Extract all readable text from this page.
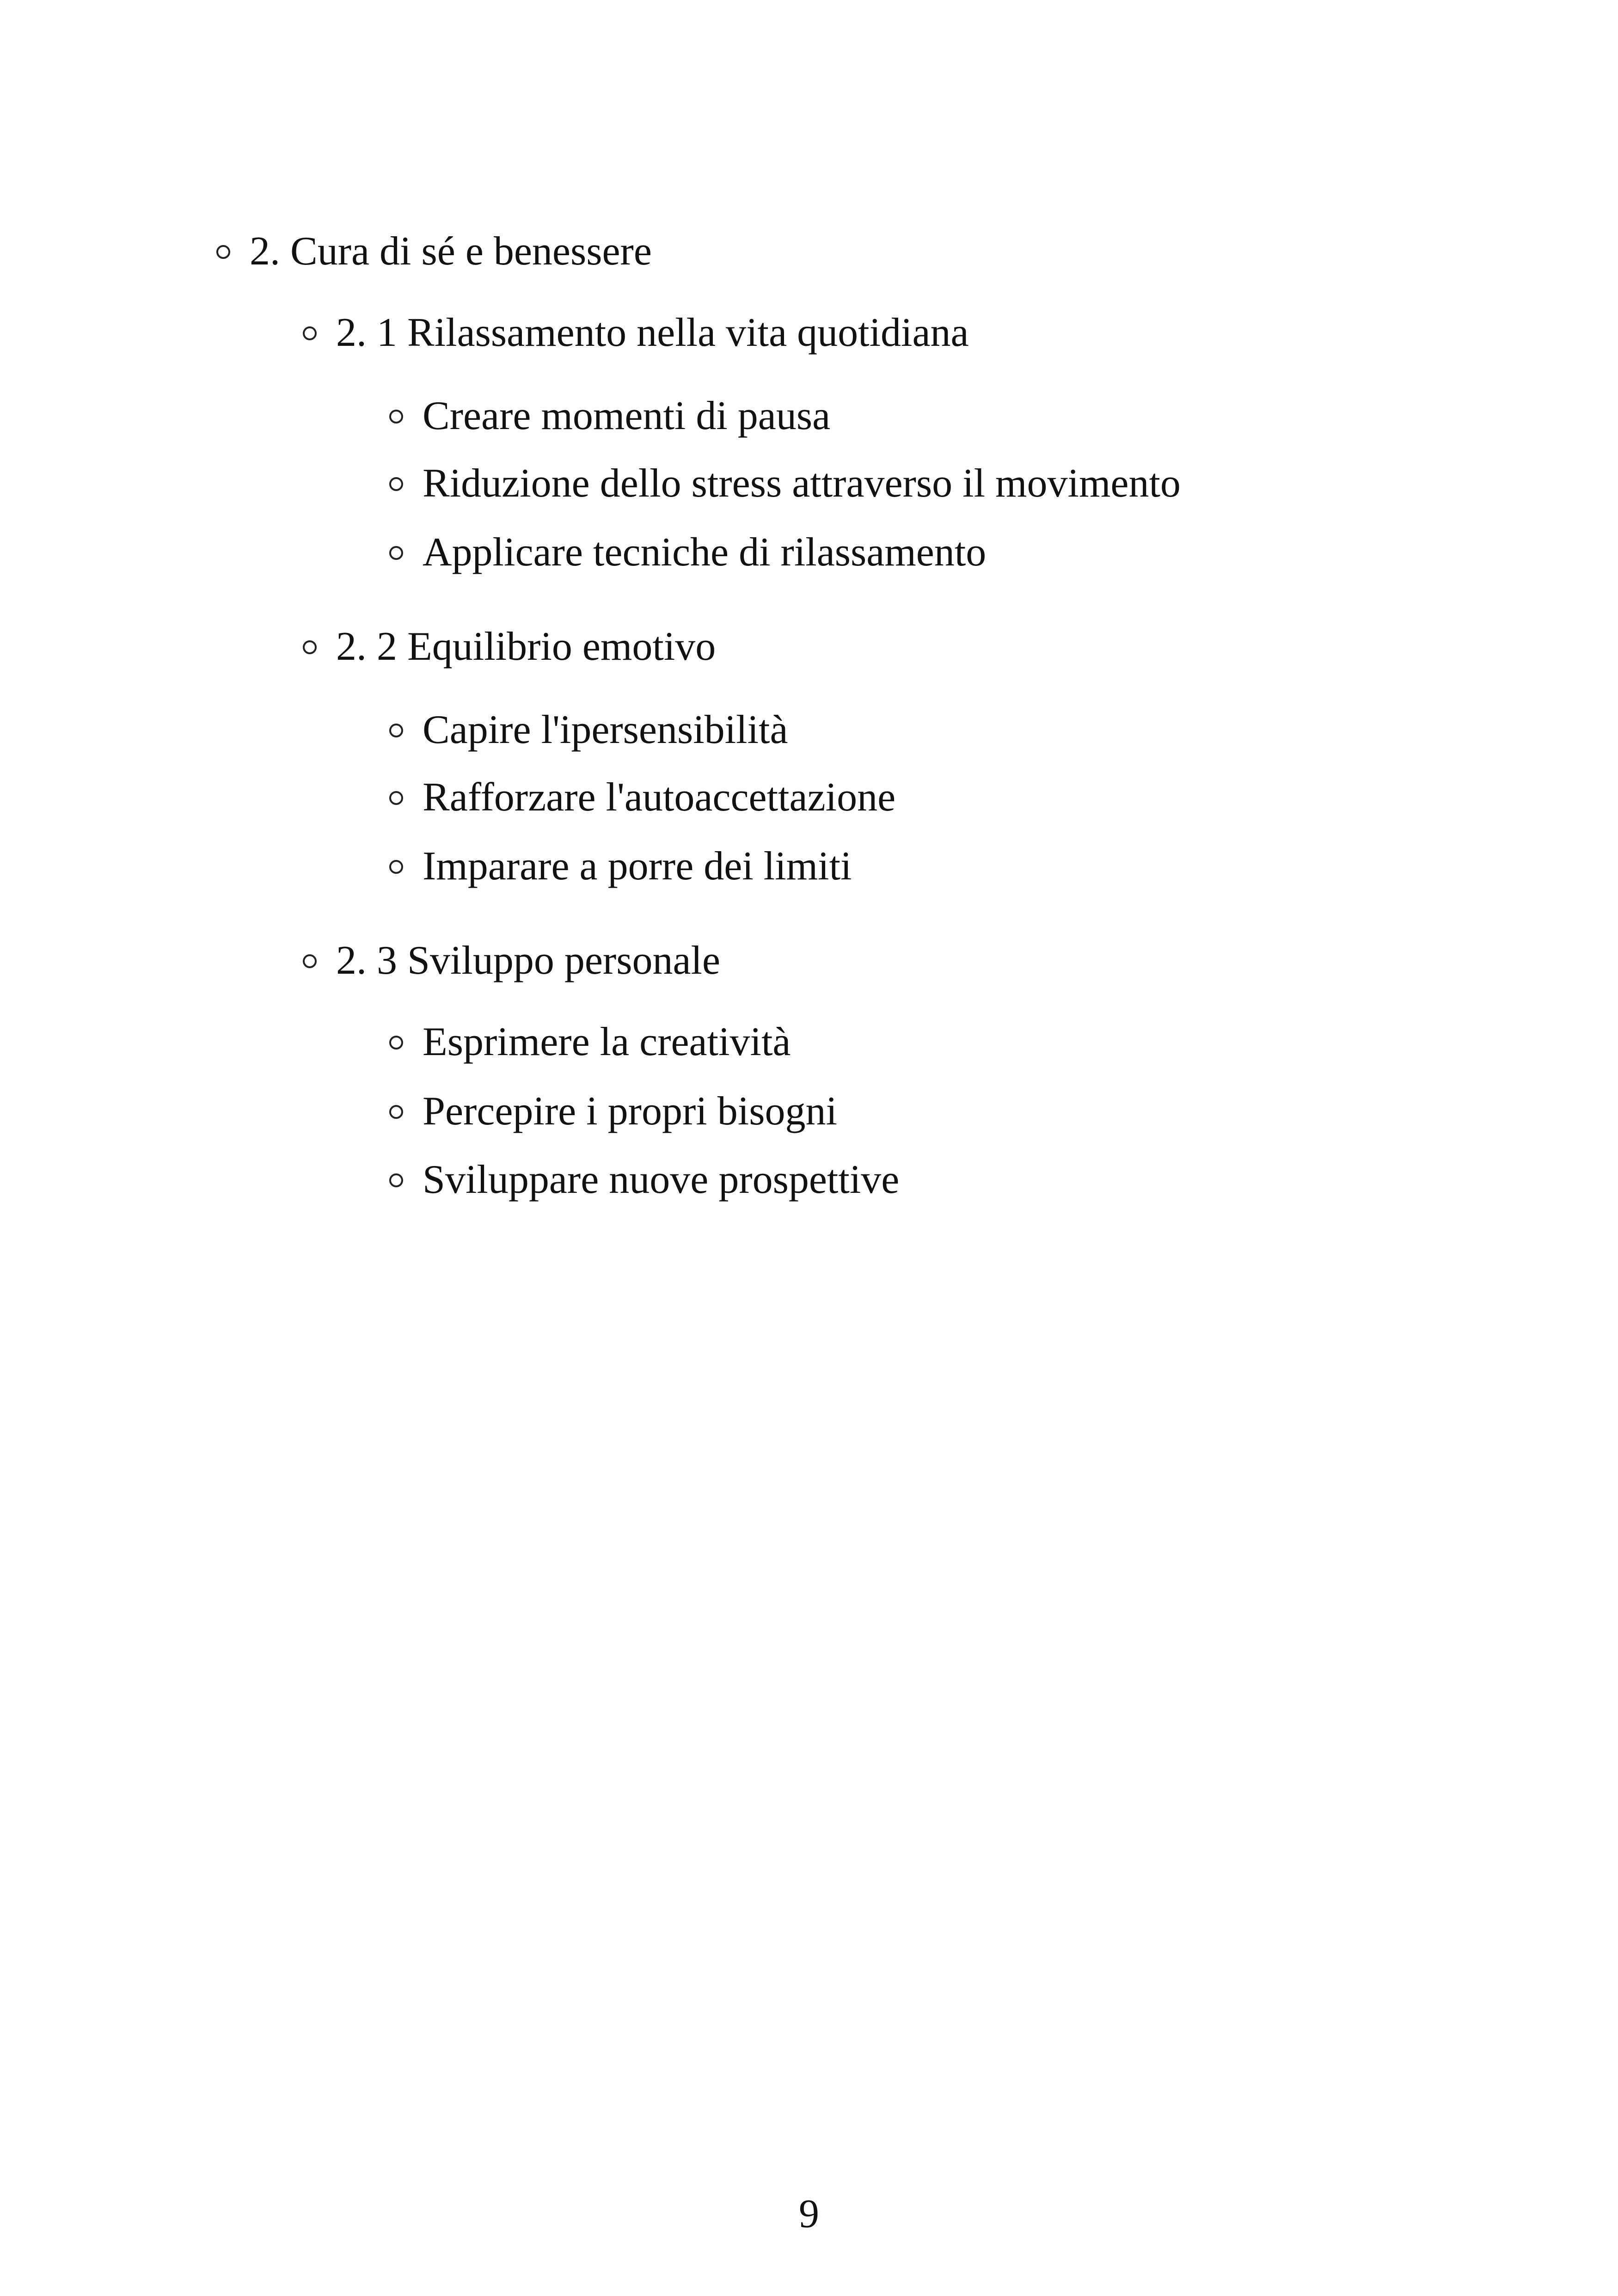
2. Cura di sé e benessere
2. 1 Rilassamento nella vita quotidiana
Creare momenti di pausa
Riduzione dello stress attraverso il movimento
Applicare tecniche di rilassamento
2. 2 Equilibrio emotivo
Capire l'ipersensibilità
Rafforzare l'autoaccettazione
Imparare a porre dei limiti
2. 3 Sviluppo personale
Esprimere la creatività
Percepire i propri bisogni
Sviluppare nuove prospettive
9
